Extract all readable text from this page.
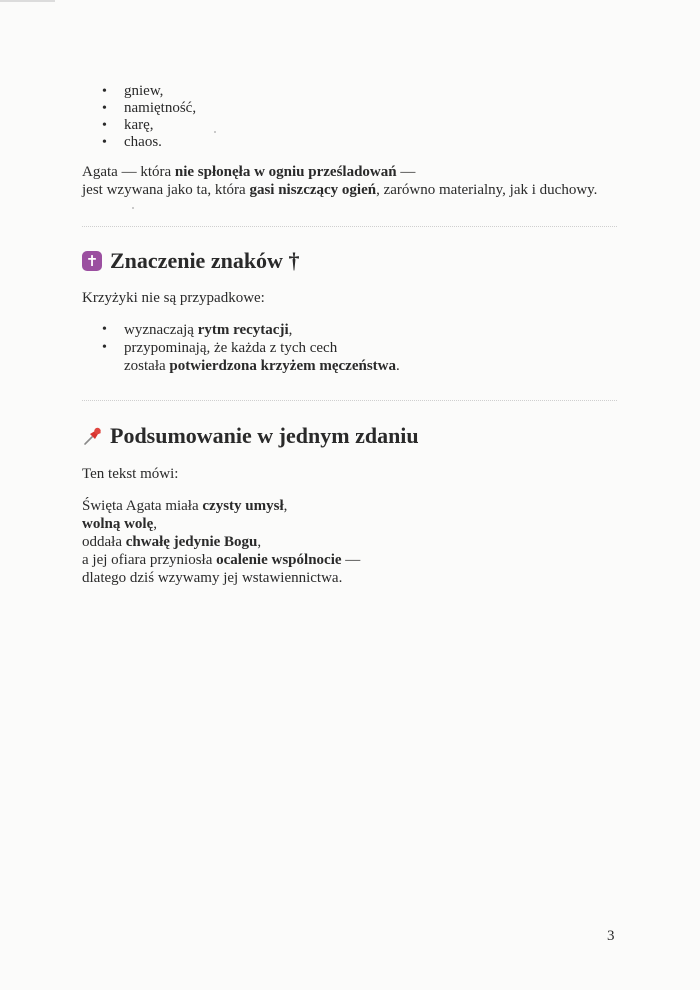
• gniew,
• namiętność,
• karę,
• chaos.

Agata — która nie spłonęła w ogniu prześladowań —
jest wzywana jako ta, która gasi niszczący ogień, zarówno materialny, jak i duchowy.

✝ Znaczenie znaków †

Krzyżyki nie są przypadkowe:

• wyznaczają rytm recytacji,
• przypominają, że każda z tych cech
została potwierdzona krzyżem męczeństwa.
Podsumowanie w jednym zdaniu

Ten tekst mówi:

Święta Agata miała czysty umysł,
wolną wolę,
oddała chwałę jedynie Bogu,
a jej ofiara przyniosła ocalenie wspólnocie —
dlatego dziś wzywamy jej wstawiennictwa.

3
